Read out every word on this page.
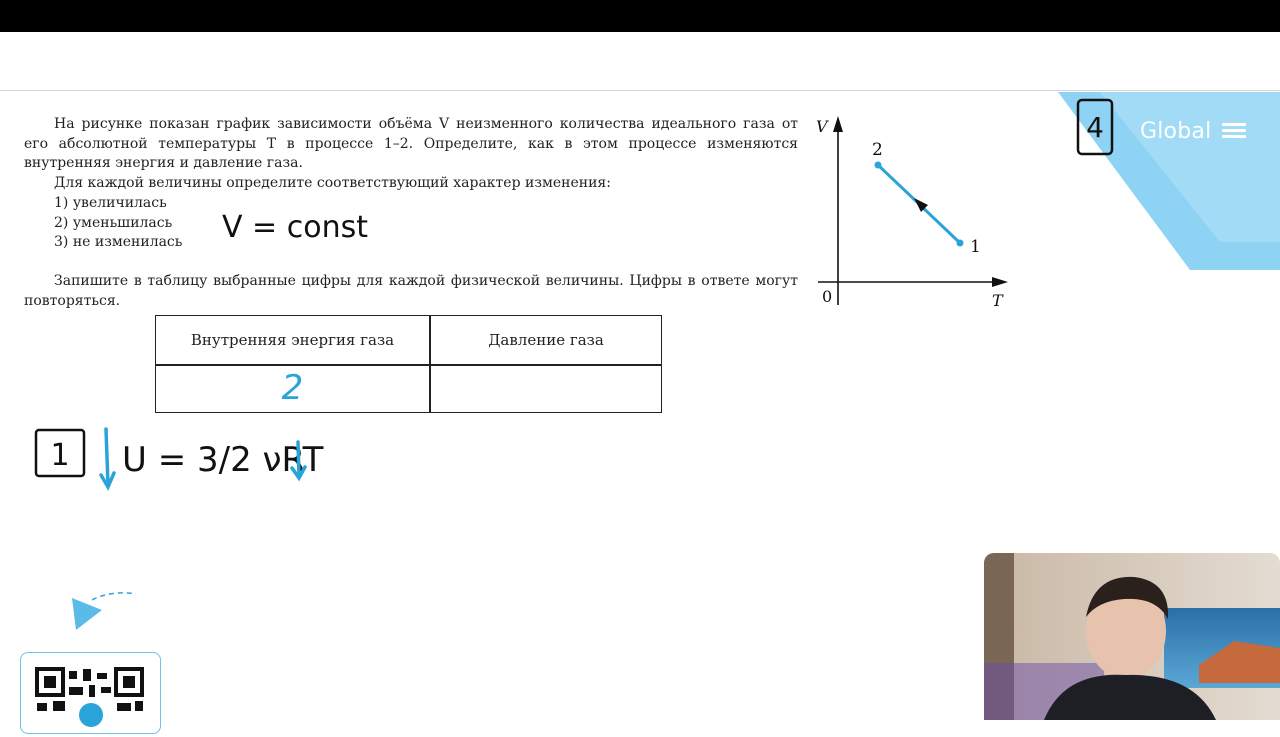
Global
4

На рисунке показан график зависимости объёма V неизменного количества идеального газа от его абсолютной температуры T в процессе 1–2. Определите, как в этом процессе изменяются внутренняя энергия и давление газа.

Для каждой величины определите соответствующий характер изменения:

1) увеличилась
2) уменьшилась
3) не изменилась

Запишите в таблицу выбранные цифры для каждой физической величины. Цифры в ответе могут повторяться.

V = const
Внутренняя энергия газа	Давление газа
2
V
T
0
2
1
1 U = 3/2 νRT
